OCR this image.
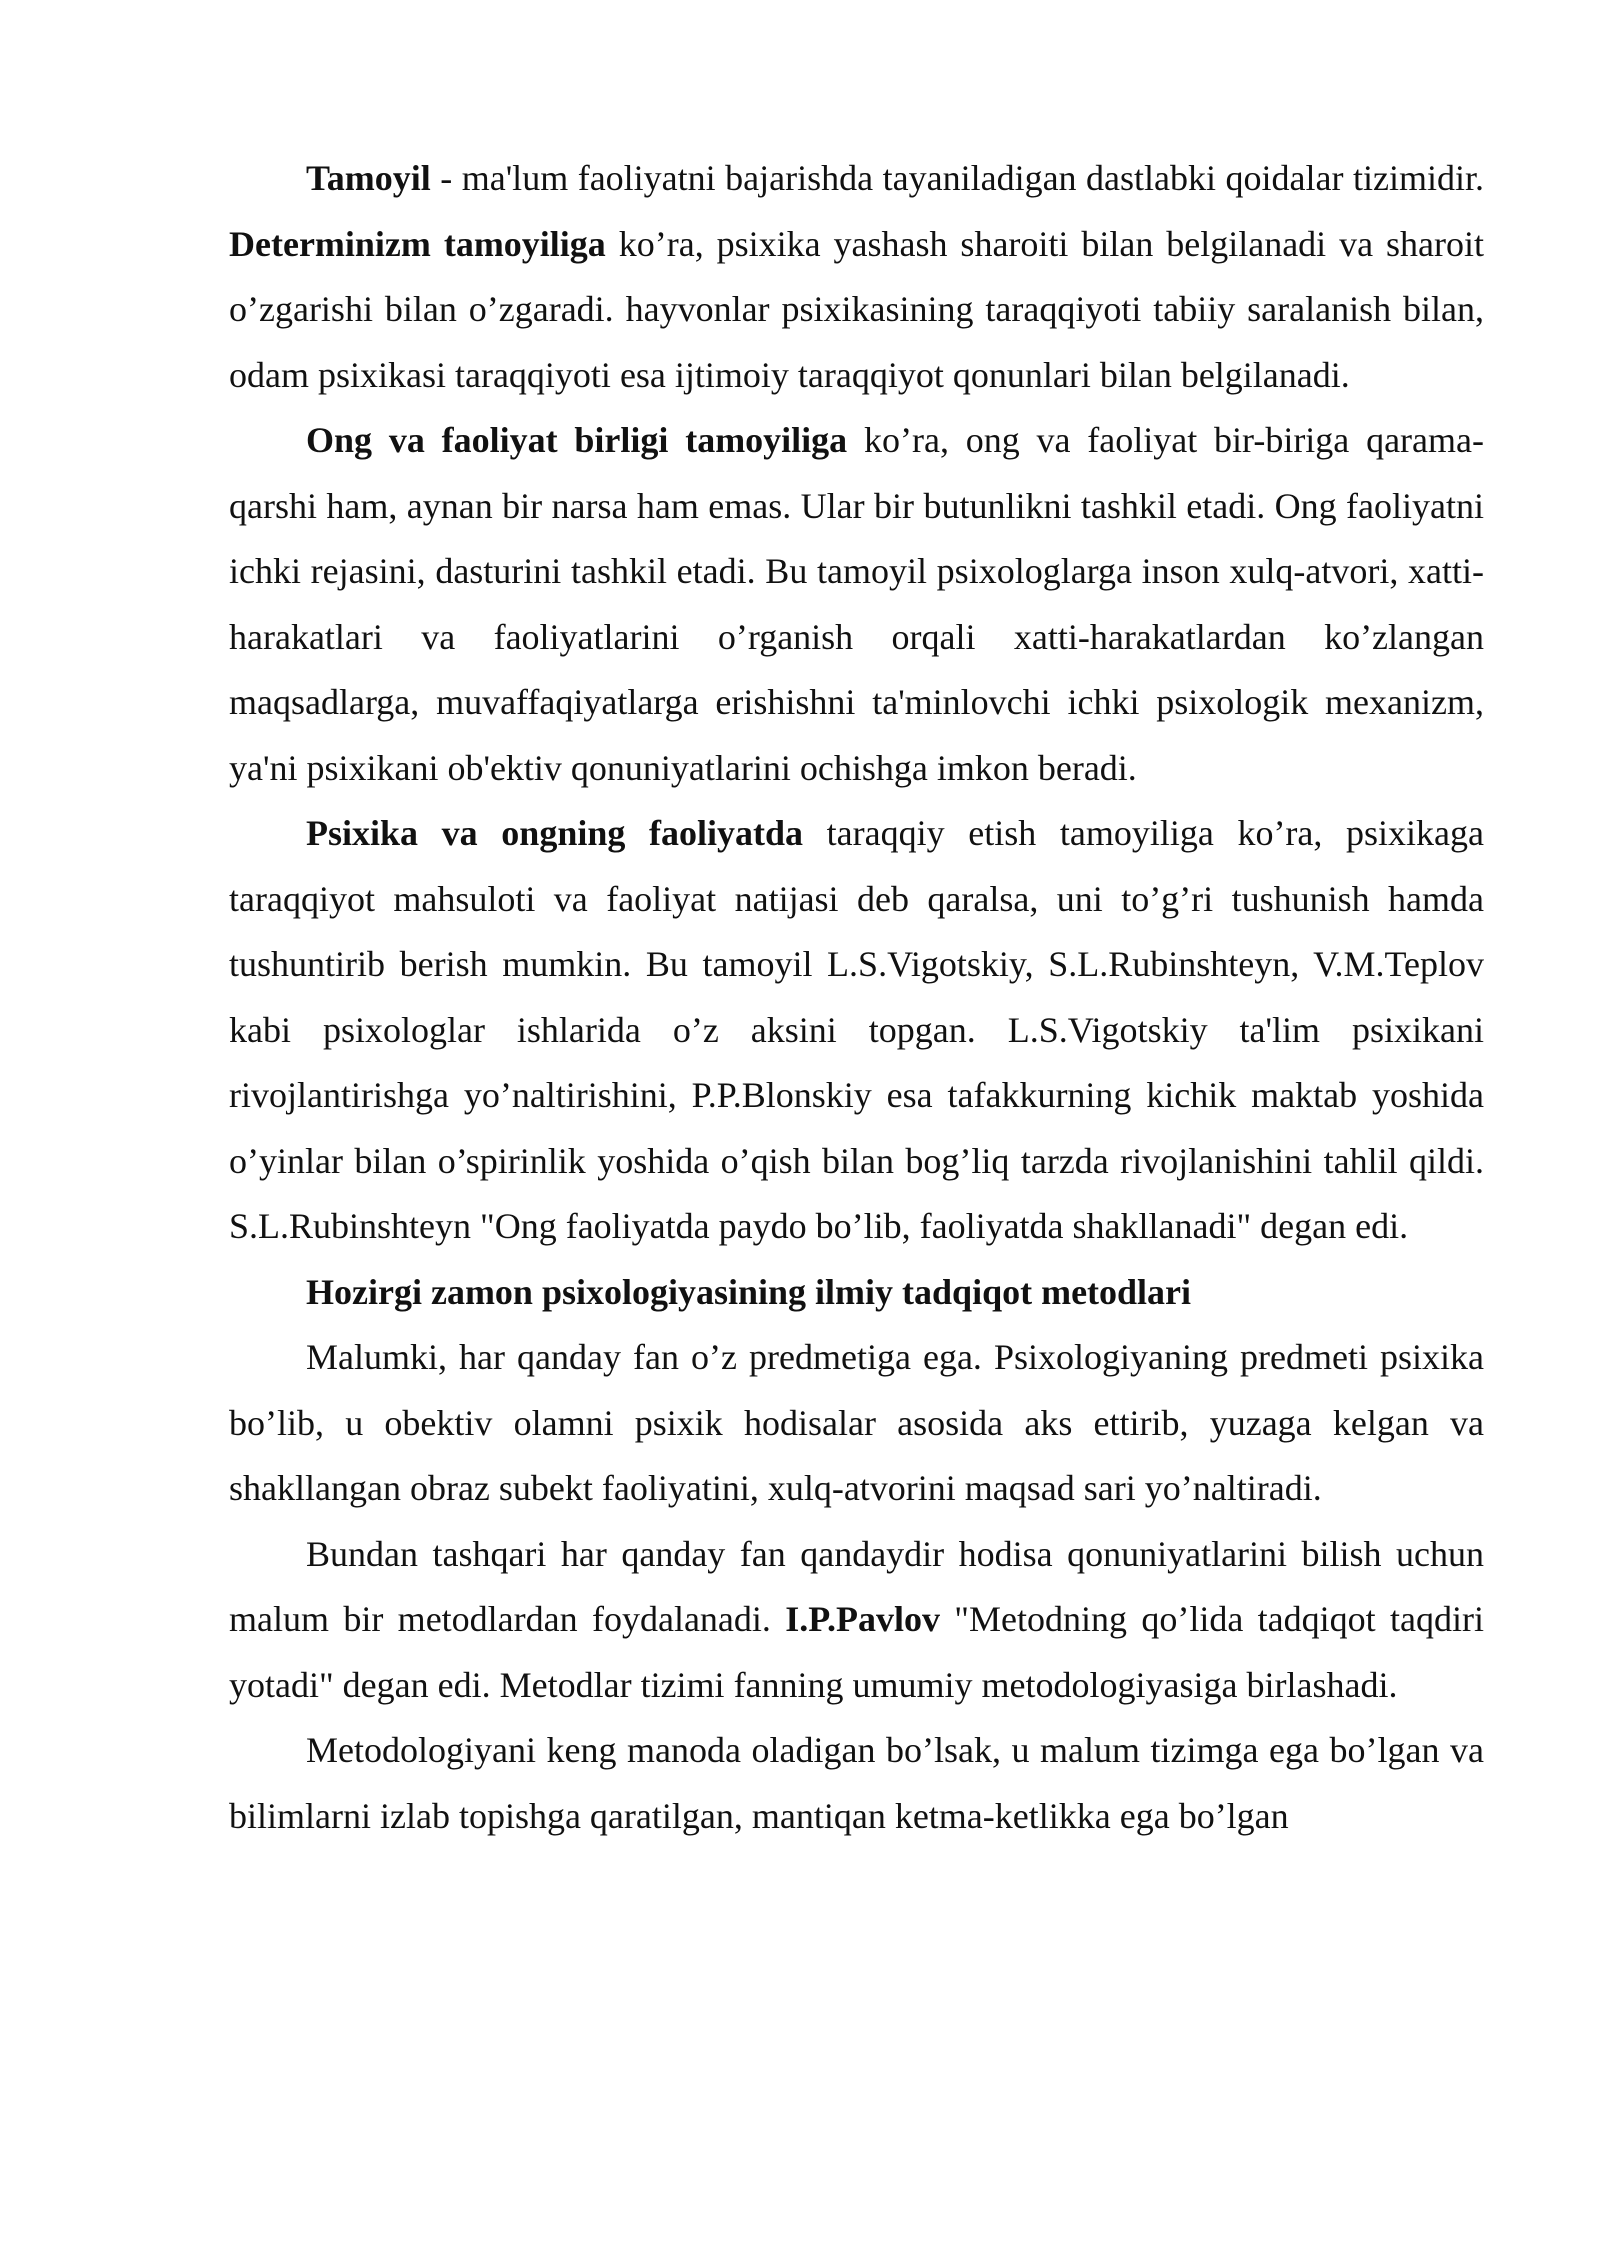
Tamoyil - ma'lum faoliyatni bajarishda tayaniladigan dastlabki qoidalar tizimidir. Determinizm tamoyiliga ko’ra, psixika yashash sharoiti bilan belgilanadi va sharoit o’zgarishi bilan o’zgaradi. hayvonlar psixikasining taraqqiyoti tabiiy saralanish bilan, odam psixikasi taraqqiyoti esa ijtimoiy taraqqiyot qonunlari bilan belgilanadi.

Ong va faoliyat birligi tamoyiliga ko’ra, ong va faoliyat bir-biriga qarama-qarshi ham, aynan bir narsa ham emas. Ular bir butunlikni tashkil etadi. Ong faoliyatni ichki rejasini, dasturini tashkil etadi. Bu tamoyil psixologlarga inson xulq-atvori, xatti-harakatlari va faoliyatlarini o’rganish orqali xatti-harakatlardan ko’zlangan maqsadlarga, muvaffaqiyatlarga erishishni ta'minlovchi ichki psixologik mexanizm, ya'ni psixikani ob'ektiv qonuniyatlarini ochishga imkon beradi.

Psixika va ongning faoliyatda taraqqiy etish tamoyiliga ko’ra, psixikaga taraqqiyot mahsuloti va faoliyat natijasi deb qaralsa, uni to’g’ri tushunish hamda tushuntirib berish mumkin. Bu tamoyil L.S.Vigotskiy, S.L.Rubinshteyn, V.M.Teplov kabi psixologlar ishlarida o’z aksini topgan. L.S.Vigotskiy ta'lim psixikani rivojlantirishga yo’naltirishini, P.P.Blonskiy esa tafakkurning kichik maktab yoshida o’yinlar bilan o’spirinlik yoshida o’qish bilan bog’liq tarzda rivojlanishini tahlil qildi. S.L.Rubinshteyn "Ong faoliyatda paydo bo’lib, faoliyatda shakllanadi" degan edi.

Hozirgi zamon psixologiyasining ilmiy tadqiqot metodlari

Malumki, har qanday fan o’z predmetiga ega. Psixologiyaning predmeti psixika bo’lib, u obektiv olamni psixik hodisalar asosida aks ettirib, yuzaga kelgan va shakllangan obraz subekt faoliyatini, xulq-atvorini maqsad sari yo’naltiradi.

Bundan tashqari har qanday fan qandaydir hodisa qonuniyatlarini bilish uchun malum bir metodlardan foydalanadi. I.P.Pavlov "Metodning qo’lida tadqiqot taqdiri yotadi" degan edi. Metodlar tizimi fanning umumiy metodologiyasiga birlashadi.

Metodologiyani keng manoda oladigan bo’lsak, u malum tizimga ega bo’lgan va bilimlarni izlab topishga qaratilgan, mantiqan ketma-ketlikka ega bo’lgan
